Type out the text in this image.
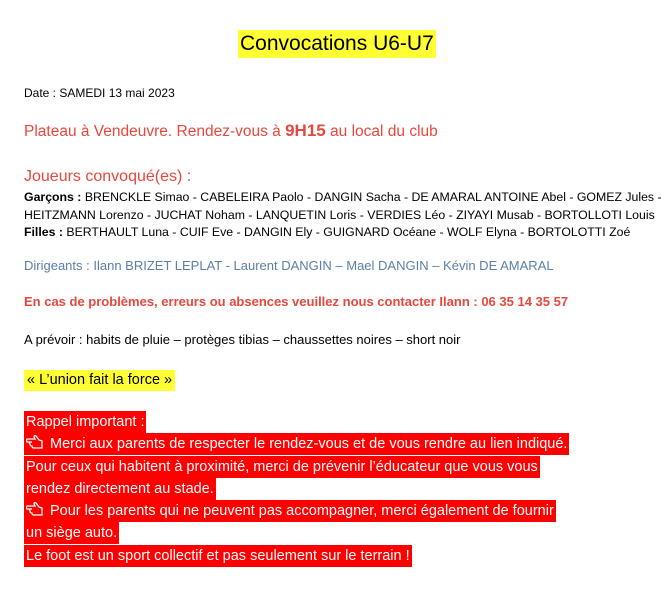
Convocations U6-U7
Date : SAMEDI 13 mai 2023
Plateau à Vendeuvre. Rendez-vous à 9H15 au local du club
Joueurs convoqué(es) :
Garçons : BRENCKLE Simao - CABELEIRA Paolo - DANGIN Sacha - DE AMARAL ANTOINE Abel - GOMEZ Jules -
HEITZMANN Lorenzo - JUCHAT Noham - LANQUETIN Loris - VERDIES Léo - ZIYAYI Musab - BORTOLLOTI Louis
Filles : BERTHAULT Luna - CUIF Eve - DANGIN Ely - GUIGNARD Océane - WOLF Elyna - BORTOLOTTI Zoé
Dirigeants : Ilann BRIZET LEPLAT - Laurent DANGIN – Mael DANGIN – Kévin DE AMARAL
En cas de problèmes, erreurs ou absences veuillez nous contacter Ilann : 06 35 14 35 57
A prévoir : habits de pluie – protèges tibias – chaussettes noires – short noir
« L’union fait la force »
Rappel important :
Merci aux parents de respecter le rendez-vous et de vous rendre au lien indiqué.
Pour ceux qui habitent à proximité, merci de prévenir l’éducateur que vous vous
rendez directement au stade.
Pour les parents qui ne peuvent pas accompagner, merci également de fournir
un siège auto.
Le foot est un sport collectif et pas seulement sur le terrain !
